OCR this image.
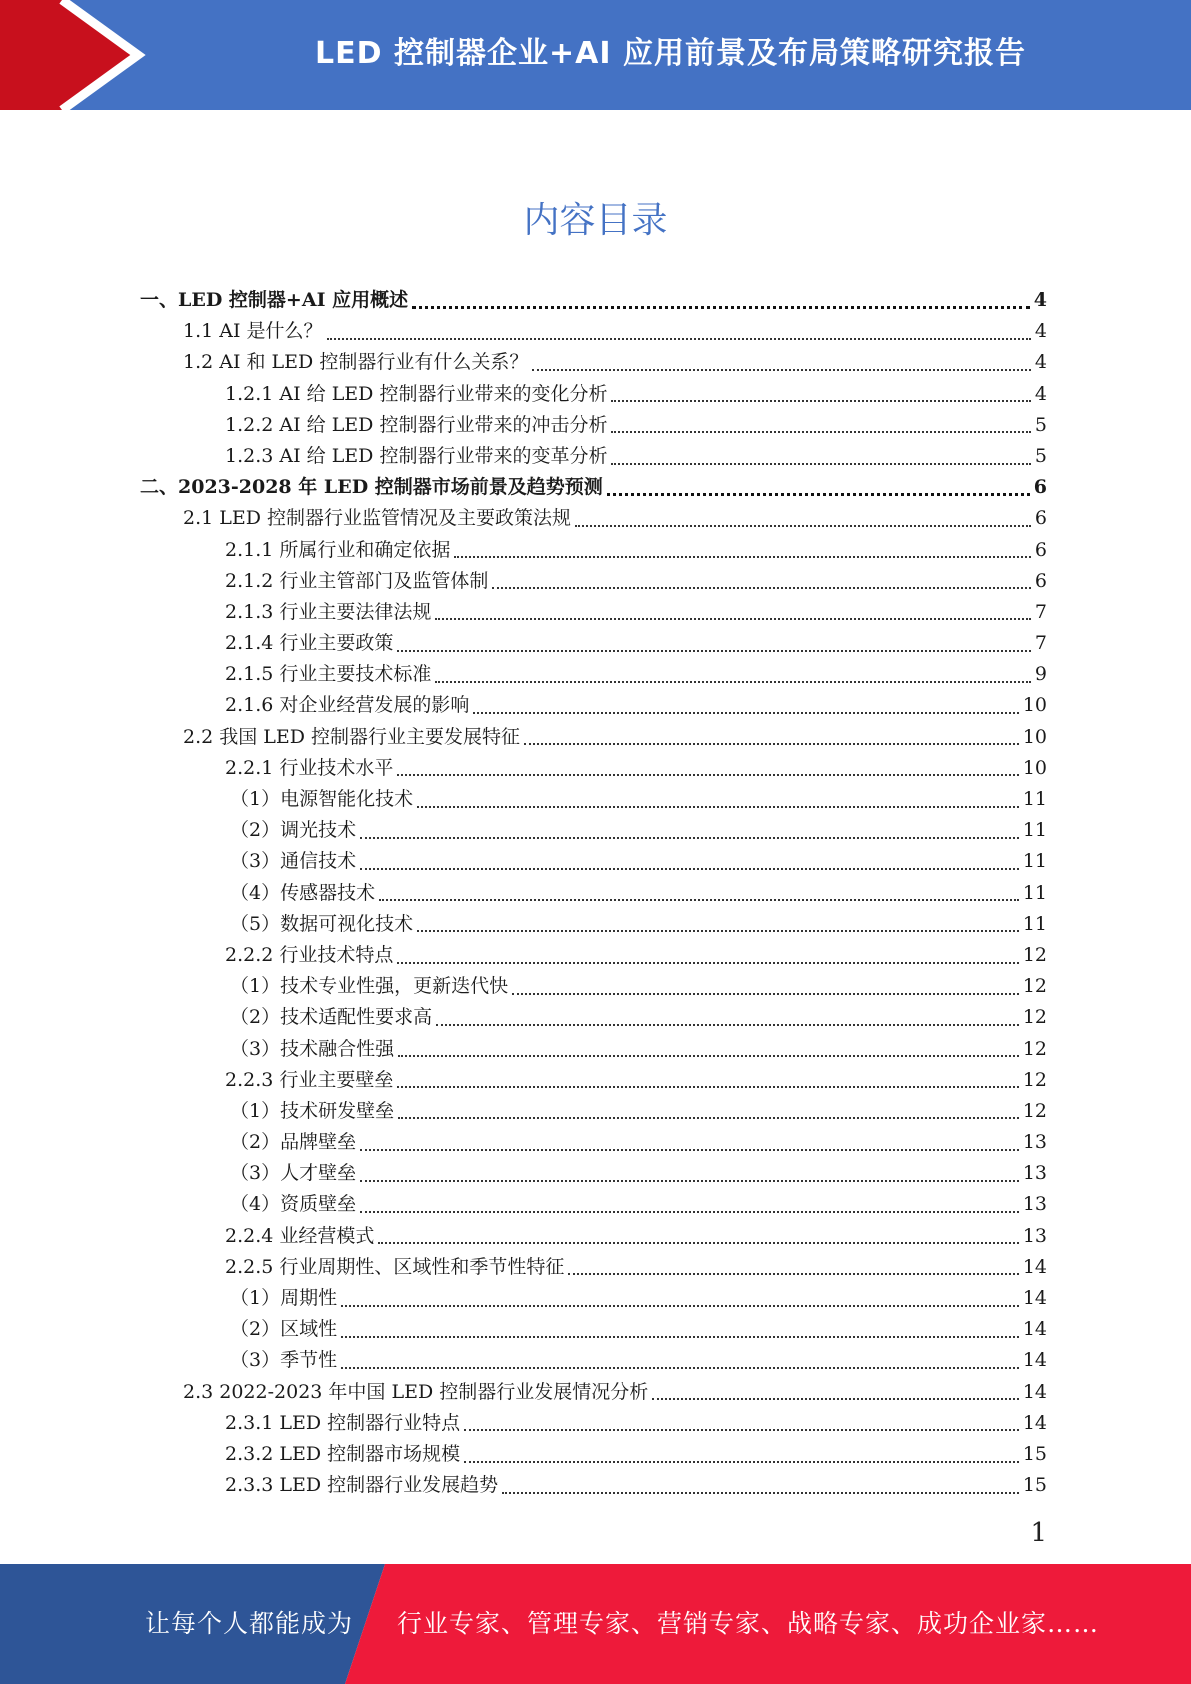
LED 控制器企业+AI 应用前景及布局策略研究报告
内容目录
一、LED 控制器+AI 应用概述	4
1.1 AI 是什么？	4
1.2 AI 和 LED 控制器行业有什么关系？	4
1.2.1 AI 给 LED 控制器行业带来的变化分析	4
1.2.2 AI 给 LED 控制器行业带来的冲击分析	5
1.2.3 AI 给 LED 控制器行业带来的变革分析	5
二、2023-2028 年 LED 控制器市场前景及趋势预测	6
2.1 LED 控制器行业监管情况及主要政策法规	6
2.1.1 所属行业和确定依据	6
2.1.2 行业主管部门及监管体制	6
2.1.3 行业主要法律法规	7
2.1.4 行业主要政策	7
2.1.5 行业主要技术标准	9
2.1.6 对企业经营发展的影响	10
2.2 我国 LED 控制器行业主要发展特征	10
2.2.1 行业技术水平	10
（1）电源智能化技术	11
（2）调光技术	11
（3）通信技术	11
（4）传感器技术	11
（5）数据可视化技术	11
2.2.2 行业技术特点	12
（1）技术专业性强，更新迭代快	12
（2）技术适配性要求高	12
（3）技术融合性强	12
2.2.3 行业主要壁垒	12
（1）技术研发壁垒	12
（2）品牌壁垒	13
（3）人才壁垒	13
（4）资质壁垒	13
2.2.4 业经营模式	13
2.2.5 行业周期性、区域性和季节性特征	14
（1）周期性	14
（2）区域性	14
（3）季节性	14
2.3 2022-2023 年中国 LED 控制器行业发展情况分析	14
2.3.1 LED 控制器行业特点	14
2.3.2 LED 控制器市场规模	15
2.3.3 LED 控制器行业发展趋势	15
1
让每个人都能成为 行业专家、管理专家、营销专家、战略专家、成功企业家……
